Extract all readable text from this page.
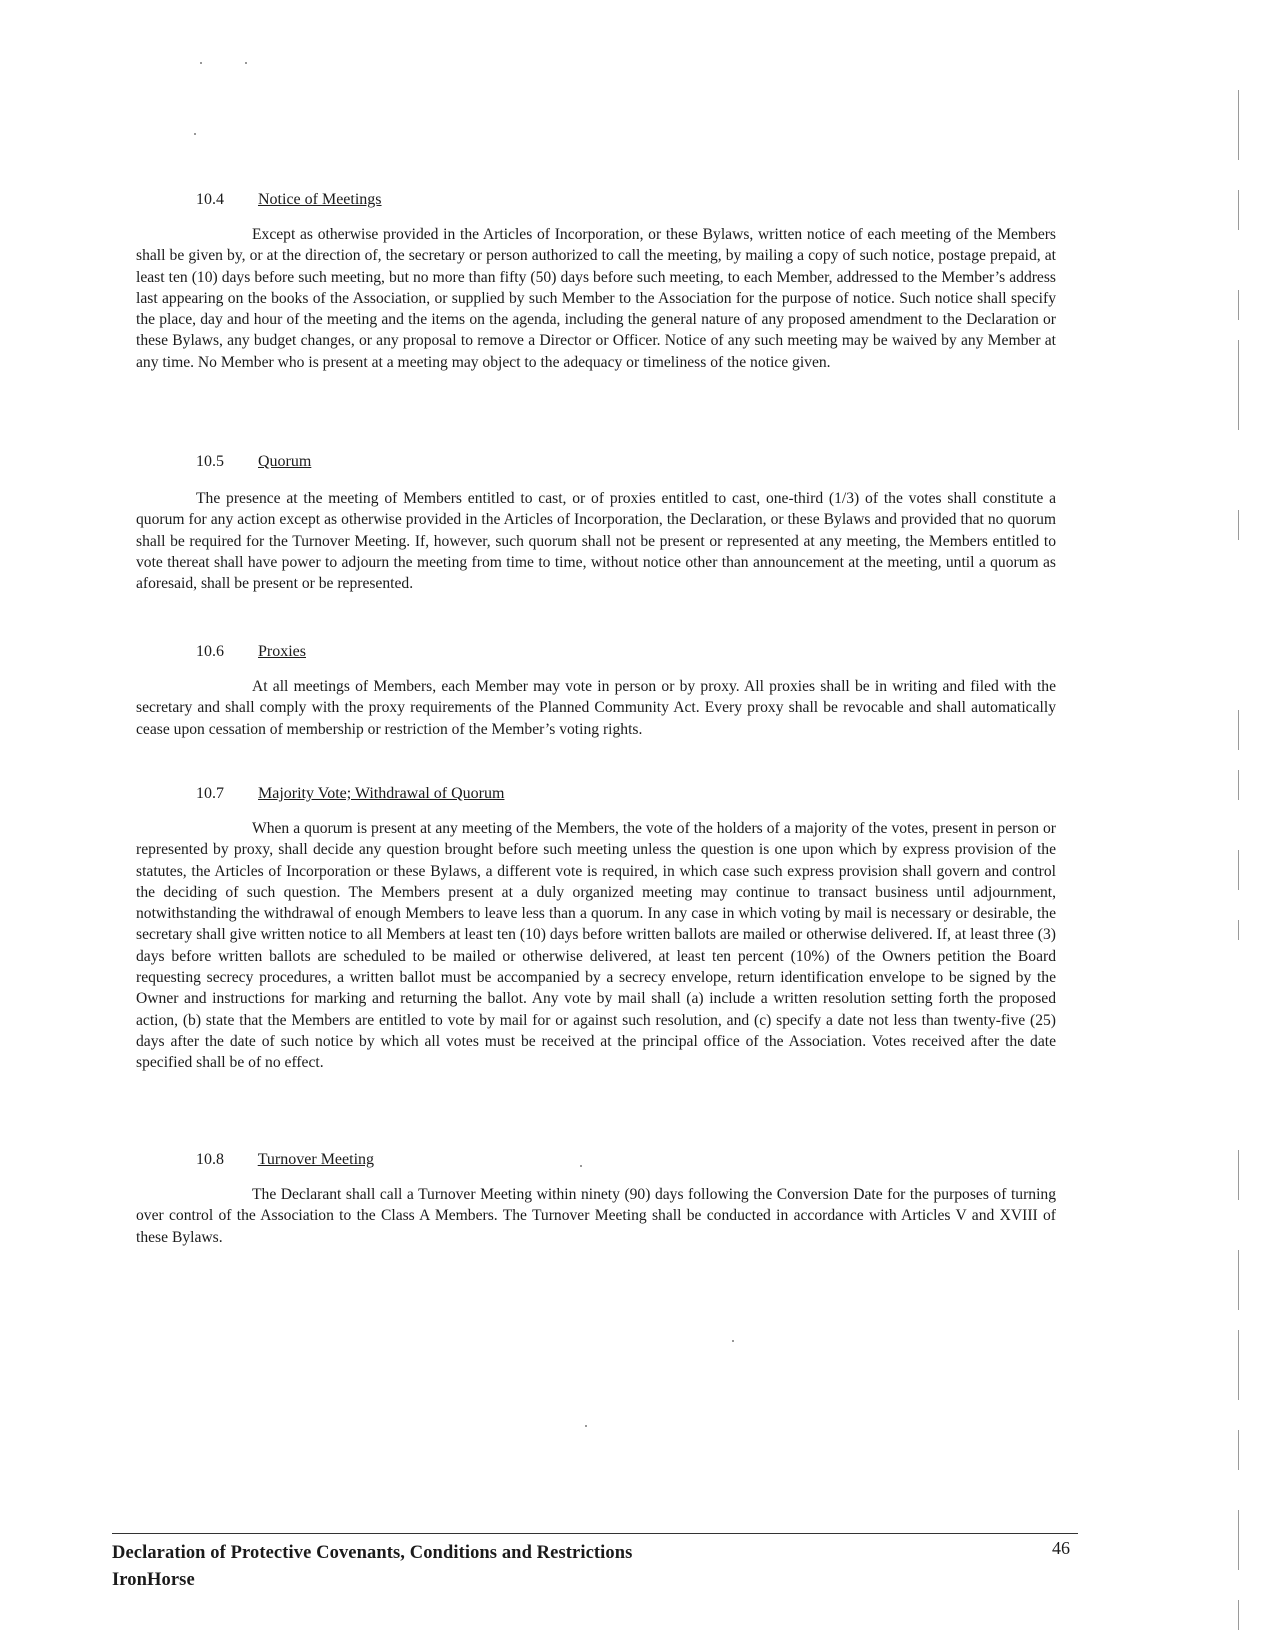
10.4 Notice of Meetings

Except as otherwise provided in the Articles of Incorporation, or these Bylaws, written notice of each meeting of the Members shall be given by, or at the direction of, the secretary or person authorized to call the meeting, by mailing a copy of such notice, postage prepaid, at least ten (10) days before such meeting, but no more than fifty (50) days before such meeting, to each Member, addressed to the Member’s address last appearing on the books of the Association, or supplied by such Member to the Association for the purpose of notice. Such notice shall specify the place, day and hour of the meeting and the items on the agenda, including the general nature of any proposed amendment to the Declaration or these Bylaws, any budget changes, or any proposal to remove a Director or Officer. Notice of any such meeting may be waived by any Member at any time. No Member who is present at a meeting may object to the adequacy or timeliness of the notice given.

10.5 Quorum

The presence at the meeting of Members entitled to cast, or of proxies entitled to cast, one-third (1/3) of the votes shall constitute a quorum for any action except as otherwise provided in the Articles of Incorporation, the Declaration, or these Bylaws and provided that no quorum shall be required for the Turnover Meeting. If, however, such quorum shall not be present or represented at any meeting, the Members entitled to vote thereat shall have power to adjourn the meeting from time to time, without notice other than announcement at the meeting, until a quorum as aforesaid, shall be present or be represented.

10.6 Proxies

At all meetings of Members, each Member may vote in person or by proxy. All proxies shall be in writing and filed with the secretary and shall comply with the proxy requirements of the Planned Community Act. Every proxy shall be revocable and shall automatically cease upon cessation of membership or restriction of the Member’s voting rights.

10.7 Majority Vote; Withdrawal of Quorum

When a quorum is present at any meeting of the Members, the vote of the holders of a majority of the votes, present in person or represented by proxy, shall decide any question brought before such meeting unless the question is one upon which by express provision of the statutes, the Articles of Incorporation or these Bylaws, a different vote is required, in which case such express provision shall govern and control the deciding of such question. The Members present at a duly organized meeting may continue to transact business until adjournment, notwithstanding the withdrawal of enough Members to leave less than a quorum. In any case in which voting by mail is necessary or desirable, the secretary shall give written notice to all Members at least ten (10) days before written ballots are mailed or otherwise delivered. If, at least three (3) days before written ballots are scheduled to be mailed or otherwise delivered, at least ten percent (10%) of the Owners petition the Board requesting secrecy procedures, a written ballot must be accompanied by a secrecy envelope, return identification envelope to be signed by the Owner and instructions for marking and returning the ballot. Any vote by mail shall (a) include a written resolution setting forth the proposed action, (b) state that the Members are entitled to vote by mail for or against such resolution, and (c) specify a date not less than twenty-five (25) days after the date of such notice by which all votes must be received at the principal office of the Association. Votes received after the date specified shall be of no effect.

10.8 Turnover Meeting

The Declarant shall call a Turnover Meeting within ninety (90) days following the Conversion Date for the purposes of turning over control of the Association to the Class A Members. The Turnover Meeting shall be conducted in accordance with Articles V and XVIII of these Bylaws.

Declaration of Protective Covenants, Conditions and Restrictions
IronHorse
46
